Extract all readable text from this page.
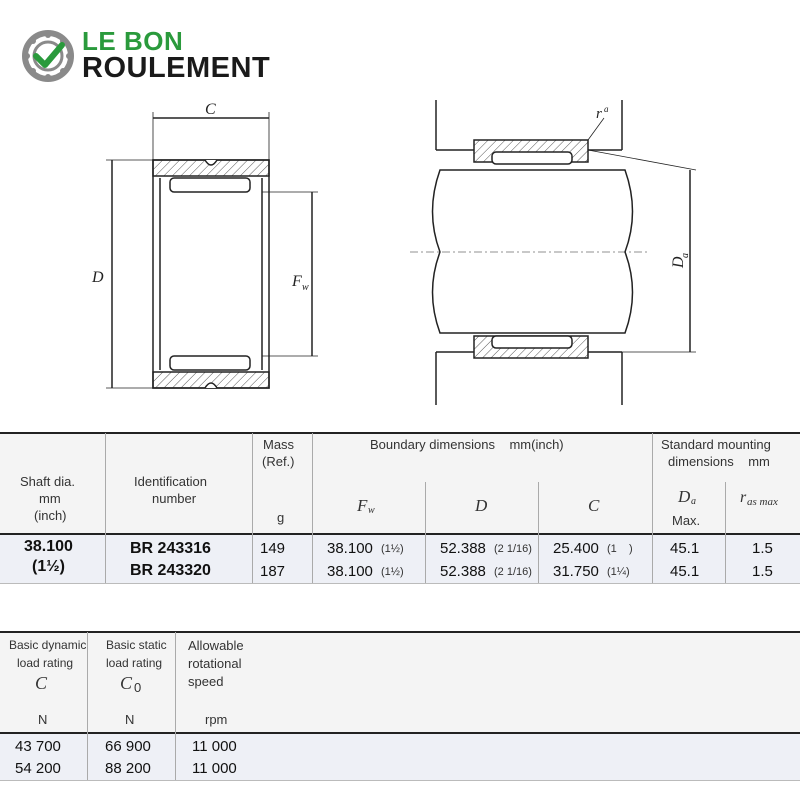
LE BON
ROULEMENT
C
D	F w
r a
D
a
Shaft dia.
mm
(inch)
Identification
number
Mass
(Ref.)
g
Boundary dimensions    mm(inch)
F w	D	C
Standard mounting
dimensions    mm
D a
Max.
r as max
38.100
(1½)
BR 243316	149	38.100 (1½) 52.388 (2 1/16) 25.400 (1    ) 45.1	1.5
BR 243320	187	38.100 (1½) 52.388 (2 1/16) 31.750 (1¼)	45.1	1.5
Basic dynamic
load rating
C
N
Basic static
load rating
C 0
N
Allowable
rotational
speed
rpm
43 700	66 900	11 000
54 200	88 200	11 000
